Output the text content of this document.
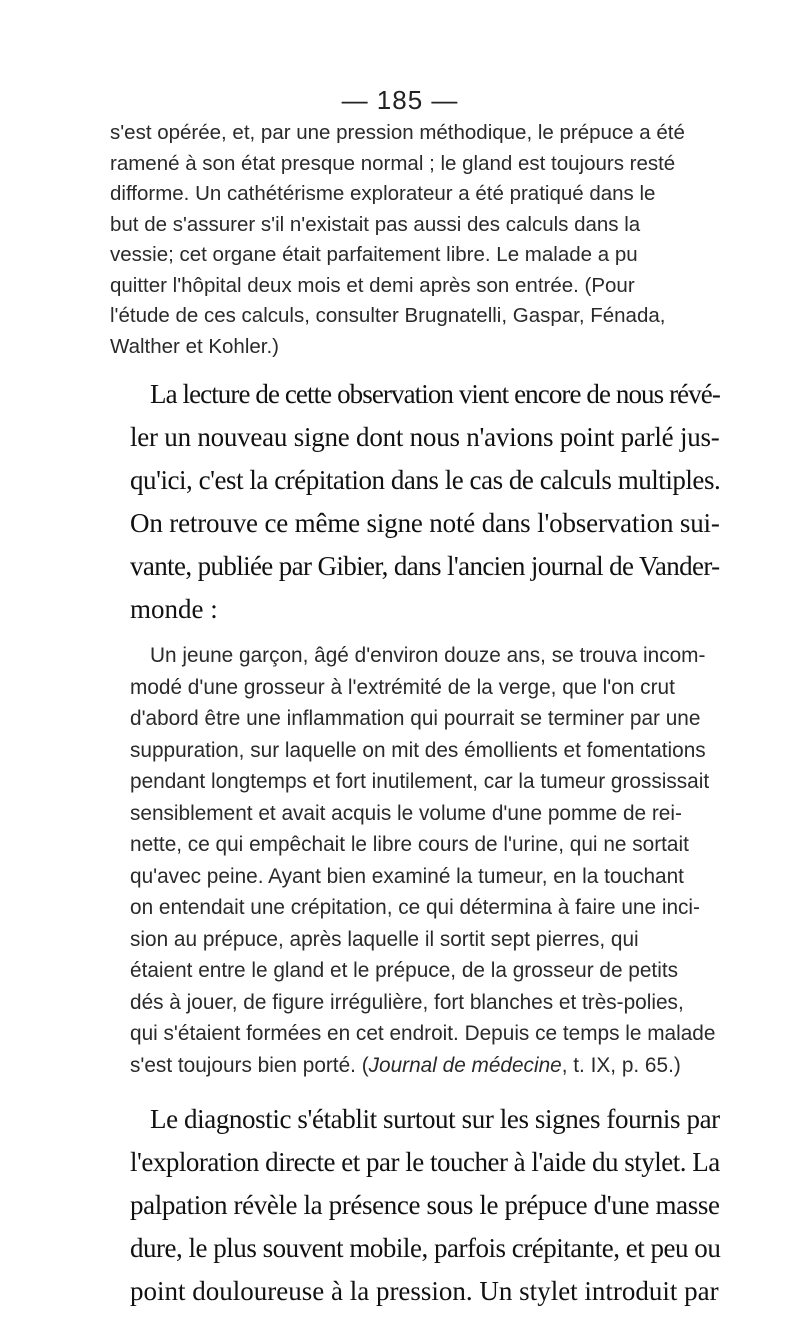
— 185 —
s'est opérée, et, par une pression méthodique, le prépuce a été
ramené à son état presque normal ; le gland est toujours resté
difforme. Un cathétérisme explorateur a été pratiqué dans le
but de s'assurer s'il n'existait pas aussi des calculs dans la
vessie; cet organe était parfaitement libre. Le malade a pu
quitter l'hôpital deux mois et demi après son entrée. (Pour
l'étude de ces calculs, consulter Brugnatelli, Gaspar, Fénada,
Walther et Kohler.)
La lecture de cette observation vient encore de nous révé-
ler un nouveau signe dont nous n'avions point parlé jus-
qu'ici, c'est la crépitation dans le cas de calculs multiples.
On retrouve ce même signe noté dans l'observation sui-
vante, publiée par Gibier, dans l'ancien journal de Vander-
monde :
Un jeune garçon, âgé d'environ douze ans, se trouva incom-
modé d'une grosseur à l'extrémité de la verge, que l'on crut
d'abord être une inflammation qui pourrait se terminer par une
suppuration, sur laquelle on mit des émollients et fomentations
pendant longtemps et fort inutilement, car la tumeur grossissait
sensiblement et avait acquis le volume d'une pomme de rei-
nette, ce qui empêchait le libre cours de l'urine, qui ne sortait
qu'avec peine. Ayant bien examiné la tumeur, en la touchant
on entendait une crépitation, ce qui détermina à faire une inci-
sion au prépuce, après laquelle il sortit sept pierres, qui
étaient entre le gland et le prépuce, de la grosseur de petits
dés à jouer, de figure irrégulière, fort blanches et très-polies,
qui s'étaient formées en cet endroit. Depuis ce temps le malade
s'est toujours bien porté. (Journal de médecine, t. IX, p. 65.)
Le diagnostic s'établit surtout sur les signes fournis par
l'exploration directe et par le toucher à l'aide du stylet. La
palpation révèle la présence sous le prépuce d'une masse
dure, le plus souvent mobile, parfois crépitante, et peu ou
point douloureuse à la pression. Un stylet introduit par
